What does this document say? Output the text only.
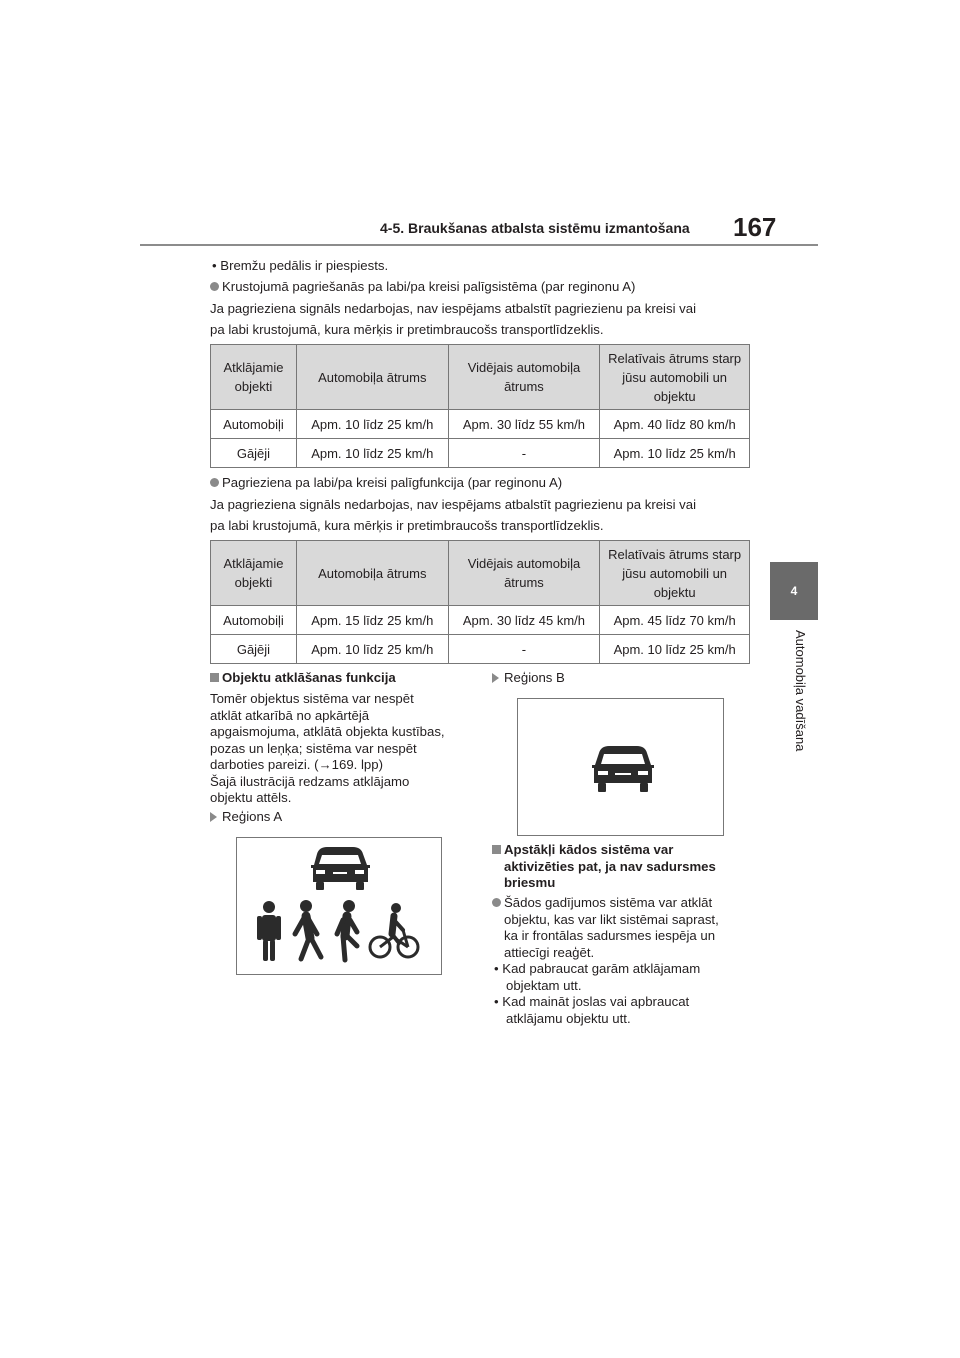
4-5. Braukšanas atbalsta sistēmu izmantošana 167
4
Automobiļa vadīšana
• Bremžu pedālis ir piespiests.
Krustojumā pagriešanās pa labi/pa kreisi palīgsistēma (par reginonu A)
Ja pagrieziena signāls nedarbojas, nav iespējams atbalstīt pagriezienu pa kreisi vai
pa labi krustojumā, kura mērķis ir pretimbraucošs transportlīdzeklis.
Atklājamie objekti	Automobiļa ātrums	Vidējais automobiļa ātrums	Relatīvais ātrums starp jūsu automobili un objektu
Automobiļi	Apm. 10 līdz 25 km/h	Apm. 30 līdz 55 km/h	Apm. 40 līdz 80 km/h
Gājēji	Apm. 10 līdz 25 km/h	-	Apm. 10 līdz 25 km/h
Pagrieziena pa labi/pa kreisi palīgfunkcija (par reginonu A)
Ja pagrieziena signāls nedarbojas, nav iespējams atbalstīt pagriezienu pa kreisi vai
pa labi krustojumā, kura mērķis ir pretimbraucošs transportlīdzeklis.
Atklājamie objekti	Automobiļa ātrums	Vidējais automobiļa ātrums	Relatīvais ātrums starp jūsu automobili un objektu
Automobiļi	Apm. 15 līdz 25 km/h	Apm. 30 līdz 45 km/h	Apm. 45 līdz 70 km/h
Gājēji	Apm. 10 līdz 25 km/h	-	Apm. 10 līdz 25 km/h
Objektu atklāšanas funkcija
Tomēr objektus sistēma var nespēt
atklāt atkarībā no apkārtējā
apgaismojuma, atklātā objekta kustības,
pozas un leņķa; sistēma var nespēt
darboties pareizi. (→169. lpp)
Šajā ilustrācijā redzams atklājamo
objektu attēls.
Reģions A
Reģions B
Apstākļi kādos sistēma var
aktivizēties pat, ja nav sadursmes
briesmu
Šādos gadījumos sistēma var atklāt
objektu, kas var likt sistēmai saprast,
ka ir frontālas sadursmes iespēja un
attiecīgi reaģēt.
• Kad pabraucat garām atklājamam
objektam utt.
• Kad maināt joslas vai apbraucat
atklājamu objektu utt.
